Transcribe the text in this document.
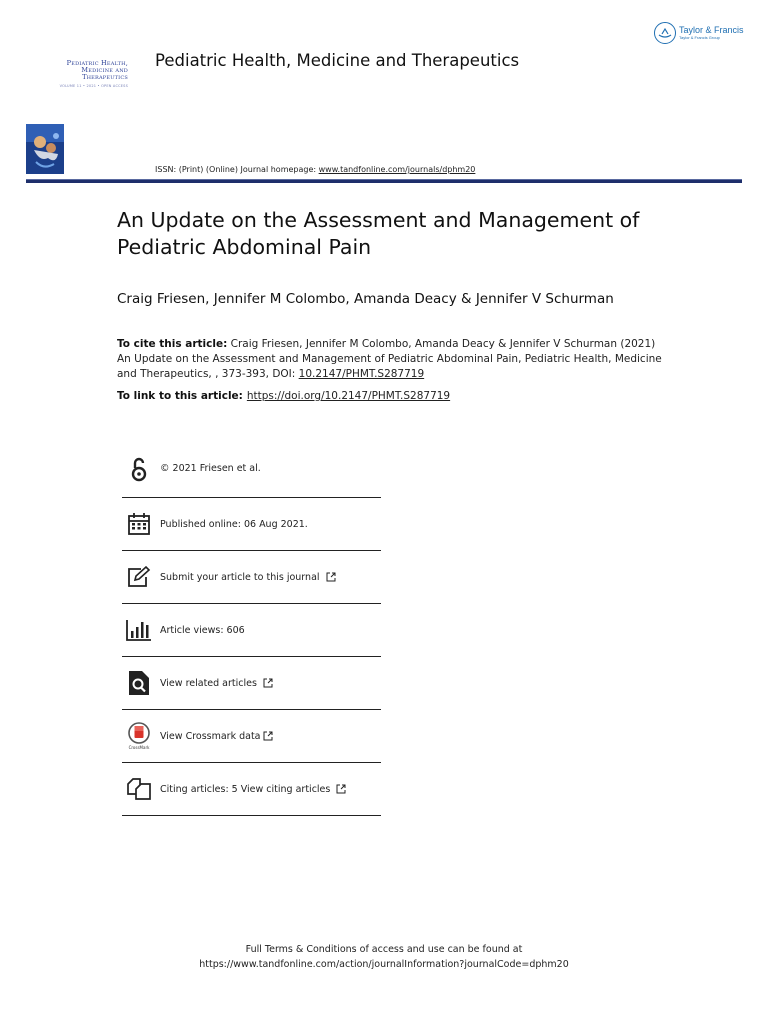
Taylor & Francis
Taylor & Francis Group
Pediatric Health,
Medicine and
Therapeutics
VOLUME 11 • 2021 • OPEN ACCESS
Pediatric Health, Medicine and Therapeutics
ISSN: (Print) (Online) Journal homepage: www.tandfonline.com/journals/dphm20
An Update on the Assessment and Management of Pediatric Abdominal Pain
Craig Friesen, Jennifer M Colombo, Amanda Deacy & Jennifer V Schurman
To cite this article: Craig Friesen, Jennifer M Colombo, Amanda Deacy & Jennifer V Schurman (2021) An Update on the Assessment and Management of Pediatric Abdominal Pain, Pediatric Health, Medicine and Therapeutics, , 373-393, DOI: 10.2147/PHMT.S287719
To link to this article: https://doi.org/10.2147/PHMT.S287719
© 2021 Friesen et al.
Published online: 06 Aug 2021.
Submit your article to this journal
Article views: 606
View related articles
CrossMark
View Crossmark data
Citing articles: 5 View citing articles
Full Terms & Conditions of access and use can be found at
https://www.tandfonline.com/action/journalInformation?journalCode=dphm20
